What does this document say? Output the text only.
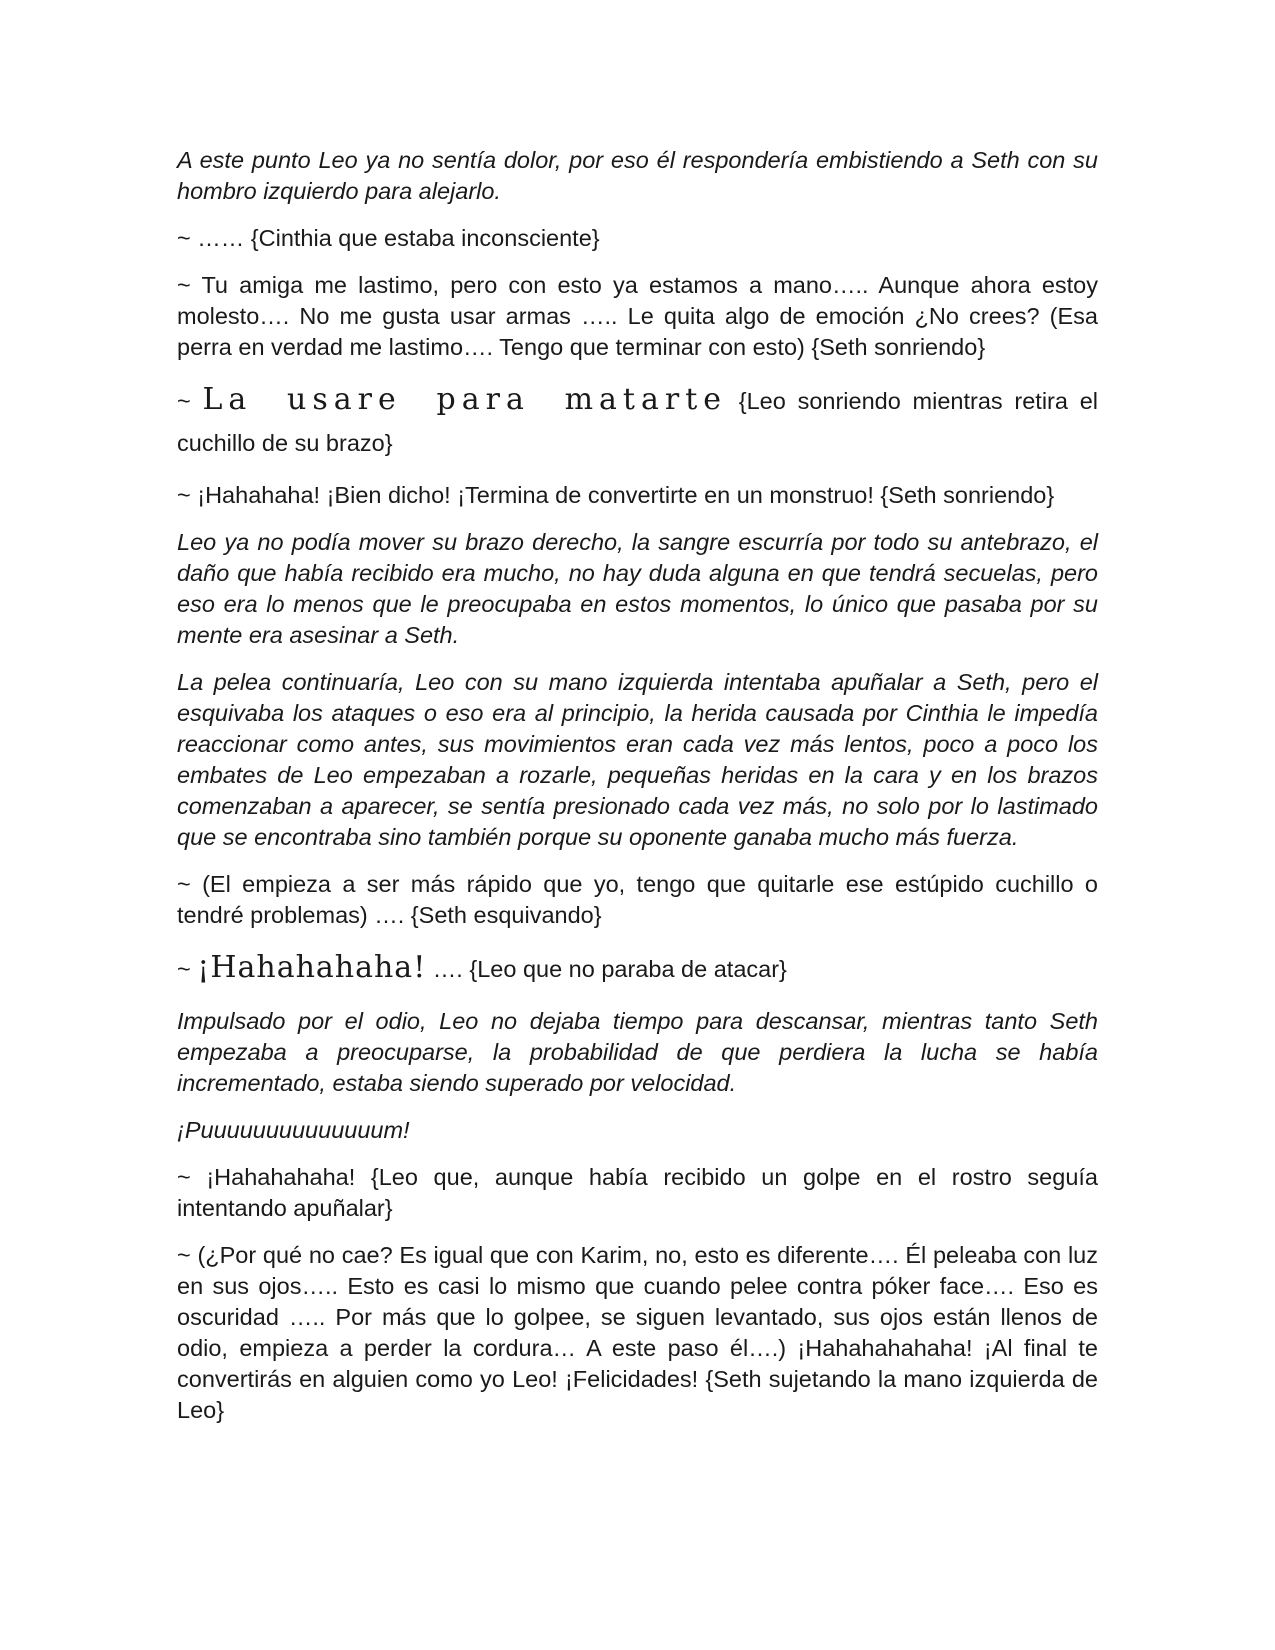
A este punto Leo ya no sentía dolor, por eso él respondería embistiendo a Seth con su hombro izquierdo para alejarlo.

~ …… {Cinthia que estaba inconsciente}

~ Tu amiga me lastimo, pero con esto ya estamos a mano….. Aunque ahora estoy molesto…. No me gusta usar armas ….. Le quita algo de emoción ¿No crees? (Esa perra en verdad me lastimo…. Tengo que terminar con esto) {Seth sonriendo}

~ La usare para matarte {Leo sonriendo mientras retira el cuchillo de su brazo}

~ ¡Hahahaha! ¡Bien dicho! ¡Termina de convertirte en un monstruo! {Seth sonriendo}

Leo ya no podía mover su brazo derecho, la sangre escurría por todo su antebrazo, el daño que había recibido era mucho, no hay duda alguna en que tendrá secuelas, pero eso era lo menos que le preocupaba en estos momentos, lo único que pasaba por su mente era asesinar a Seth.

La pelea continuaría, Leo con su mano izquierda intentaba apuñalar a Seth, pero el esquivaba los ataques o eso era al principio, la herida causada por Cinthia le impedía reaccionar como antes, sus movimientos eran cada vez más lentos, poco a poco los embates de Leo empezaban a rozarle, pequeñas heridas en la cara y en los brazos comenzaban a aparecer, se sentía presionado cada vez más, no solo por lo lastimado que se encontraba sino también porque su oponente ganaba mucho más fuerza.

~ (El empieza a ser más rápido que yo, tengo que quitarle ese estúpido cuchillo o tendré problemas) …. {Seth esquivando}

~ ¡Hahahahaha! …. {Leo que no paraba de atacar}

Impulsado por el odio, Leo no dejaba tiempo para descansar, mientras tanto Seth empezaba a preocuparse, la probabilidad de que perdiera la lucha se había incrementado, estaba siendo superado por velocidad.

¡Puuuuuuuuuuuuuum!

~ ¡Hahahahaha! {Leo que, aunque había recibido un golpe en el rostro seguía intentando apuñalar}

~ (¿Por qué no cae? Es igual que con Karim, no, esto es diferente…. Él peleaba con luz en sus ojos….. Esto es casi lo mismo que cuando pelee contra póker face…. Eso es oscuridad ….. Por más que lo golpee, se siguen levantado, sus ojos están llenos de odio, empieza a perder la cordura… A este paso él….) ¡Hahahahahaha! ¡Al final te convertirás en alguien como yo Leo! ¡Felicidades! {Seth sujetando la mano izquierda de Leo}
